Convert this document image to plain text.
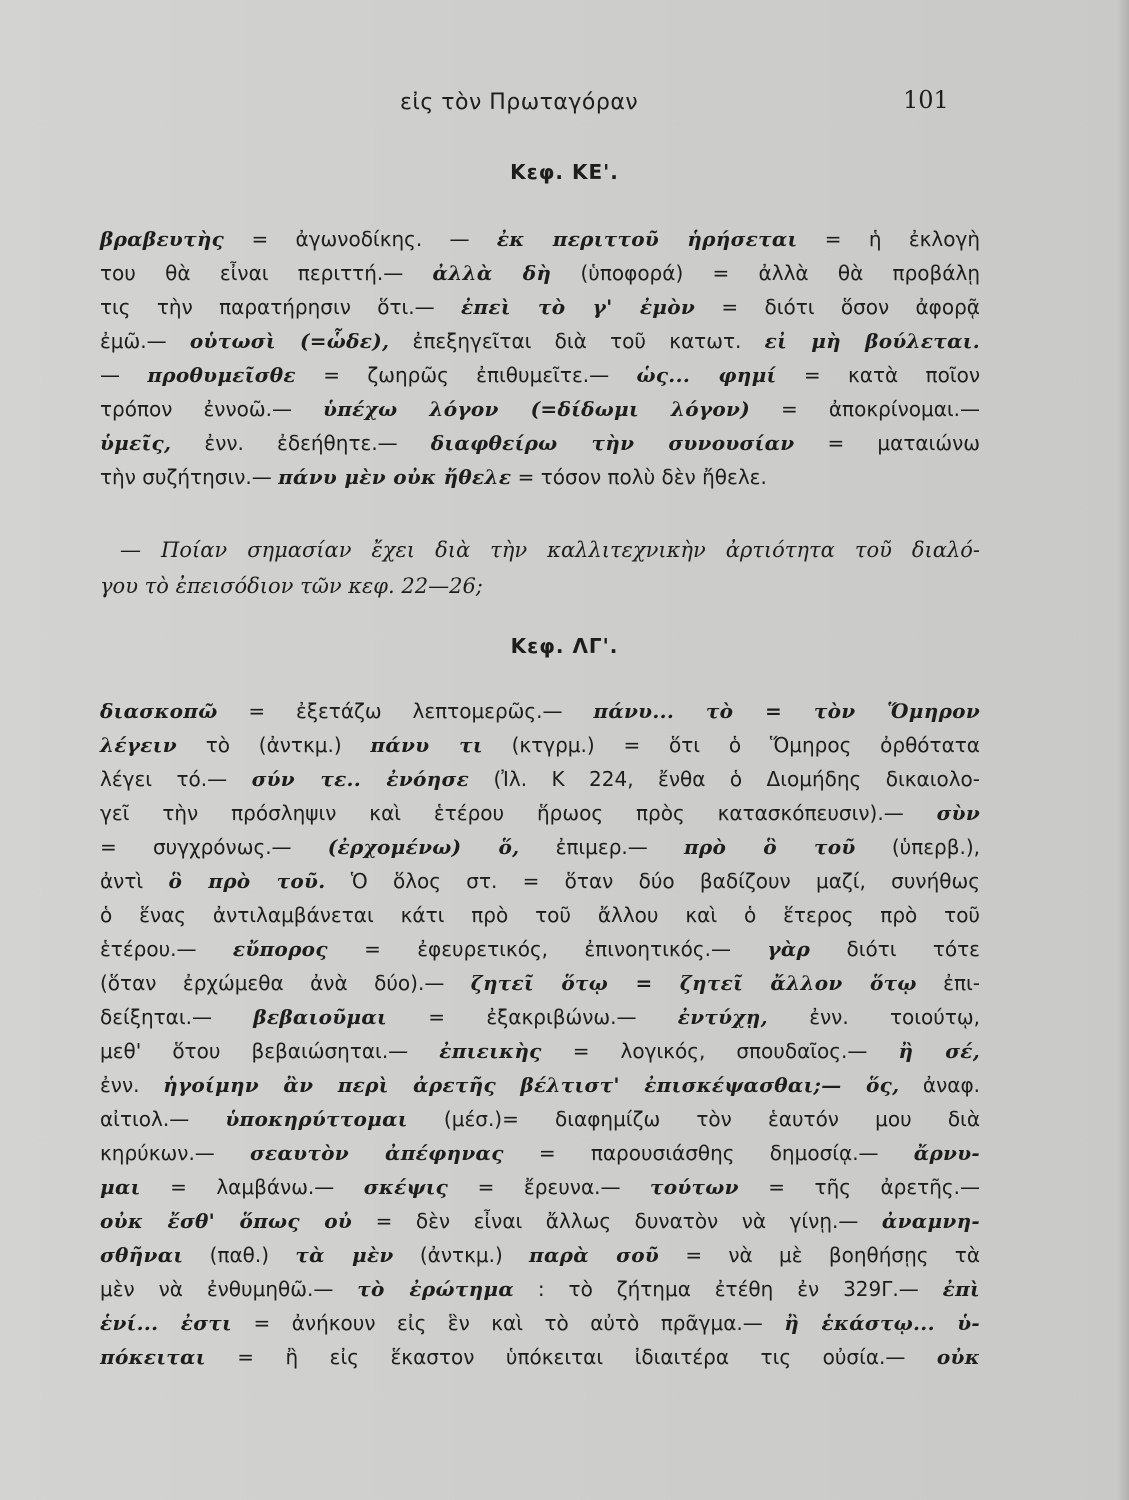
εἰς τὸν Πρωταγόραν	101
Κεφ. ΚΕ'.
βραβευτὴς = ἀγωνοδίκης. — ἐκ περιττοῦ ἡρήσεται = ἡ ἐκλογὴ
του θὰ εἶναι περιττή.— ἀλλὰ δὴ (ὑποφορά) = ἀλλὰ θὰ προβάλῃ
τις τὴν παρατήρησιν ὅτι.— ἐπεὶ τὸ γ' ἐμὸν = διότι ὅσον ἀφορᾷ
ἐμῶ.— οὑτωσὶ (=ὧδε), ἐπεξηγεῖται διὰ τοῦ κατωτ. εἰ μὴ βούλεται.
— προθυμεῖσθε = ζωηρῶς ἐπιθυμεῖτε.— ὡς... φημί = κατὰ ποῖον
τρόπον ἐννοῶ.— ὑπέχω λόγον (=δίδωμι λόγον) = ἀποκρίνομαι.—
ὑμεῖς, ἐνν. ἐδεήθητε.— διαφθείρω τὴν συνουσίαν = ματαιώνω
τὴν συζήτησιν.— πάνυ μὲν οὐκ ἤθελε = τόσον πολὺ δὲν ἤθελε.
— Ποίαν σημασίαν ἔχει διὰ τὴν καλλιτεχνικὴν ἀρτιότητα τοῦ διαλό-
γου τὸ ἐπεισόδιον τῶν κεφ. 22—26;
Κεφ. ΛΓ'.
διασκοπῶ = ἐξετάζω λεπτομερῶς.— πάνυ... τὸ = τὸν Ὅμηρον
λέγειν τὸ (ἀντκμ.) πάνυ τι (κτγρμ.) = ὅτι ὁ Ὅμηρος ὀρθότατα
λέγει τό.— σύν τε.. ἐνόησε (Ἰλ. Κ 224, ἔνθα ὁ Διομήδης δικαιολο-
γεῖ τὴν πρόσληψιν καὶ ἑτέρου ἥρωος πρὸς κατασκόπευσιν).— σὺν
= συγχρόνως.— (ἐρχομένω) ὅ, ἐπιμερ.— πρὸ ὃ τοῦ (ὑπερβ.),
ἀντὶ ὃ πρὸ τοῦ. Ὁ ὅλος στ. = ὅταν δύο βαδίζουν μαζί, συνήθως
ὁ ἕνας ἀντιλαμβάνεται κάτι πρὸ τοῦ ἄλλου καὶ ὁ ἕτερος πρὸ τοῦ
ἑτέρου.— εὔπορος = ἐφευρετικός, ἐπινοητικός.— γὰρ διότι τότε
(ὅταν ἐρχώμεθα ἀνὰ δύο).— ζητεῖ ὅτῳ = ζητεῖ ἄλλον ὅτῳ ἐπι-
δείξηται.— βεβαιοῦμαι = ἐξακριβώνω.— ἐντύχῃ, ἐνν. τοιούτῳ,
μεθ' ὅτου βεβαιώσηται.— ἐπιεικὴς = λογικός, σπουδαῖος.— ἢ σέ,
ἐνν. ἡγοίμην ἂν περὶ ἀρετῆς βέλτιστ' ἐπισκέψασθαι;— ὅς, ἀναφ.
αἰτιολ.— ὑποκηρύττομαι (μέσ.)= διαφημίζω τὸν ἑαυτόν μου διὰ
κηρύκων.— σεαυτὸν ἀπέφηνας = παρουσιάσθης δημοσίᾳ.— ἄρνυ-
μαι = λαμβάνω.— σκέψις = ἔρευνα.— τούτων = τῆς ἀρετῆς.—
οὐκ ἔσθ' ὅπως οὐ = δὲν εἶναι ἄλλως δυνατὸν νὰ γίνῃ.— ἀναμνη-
σθῆναι (παθ.) τὰ μὲν (ἀντκμ.) παρὰ σοῦ = νὰ μὲ βοηθήσῃς τὰ
μὲν νὰ ἐνθυμηθῶ.— τὸ ἐρώτημα : τὸ ζήτημα ἐτέθη ἐν 329Γ.— ἐπὶ
ἑνί... ἐστι = ἀνήκουν εἰς ἓν καὶ τὸ αὐτὸ πρᾶγμα.— ἢ ἑκάστῳ... ὑ-
πόκειται = ἢ εἰς ἕκαστον ὑπόκειται ἰδιαιτέρα τις οὐσία.— οὐκ
